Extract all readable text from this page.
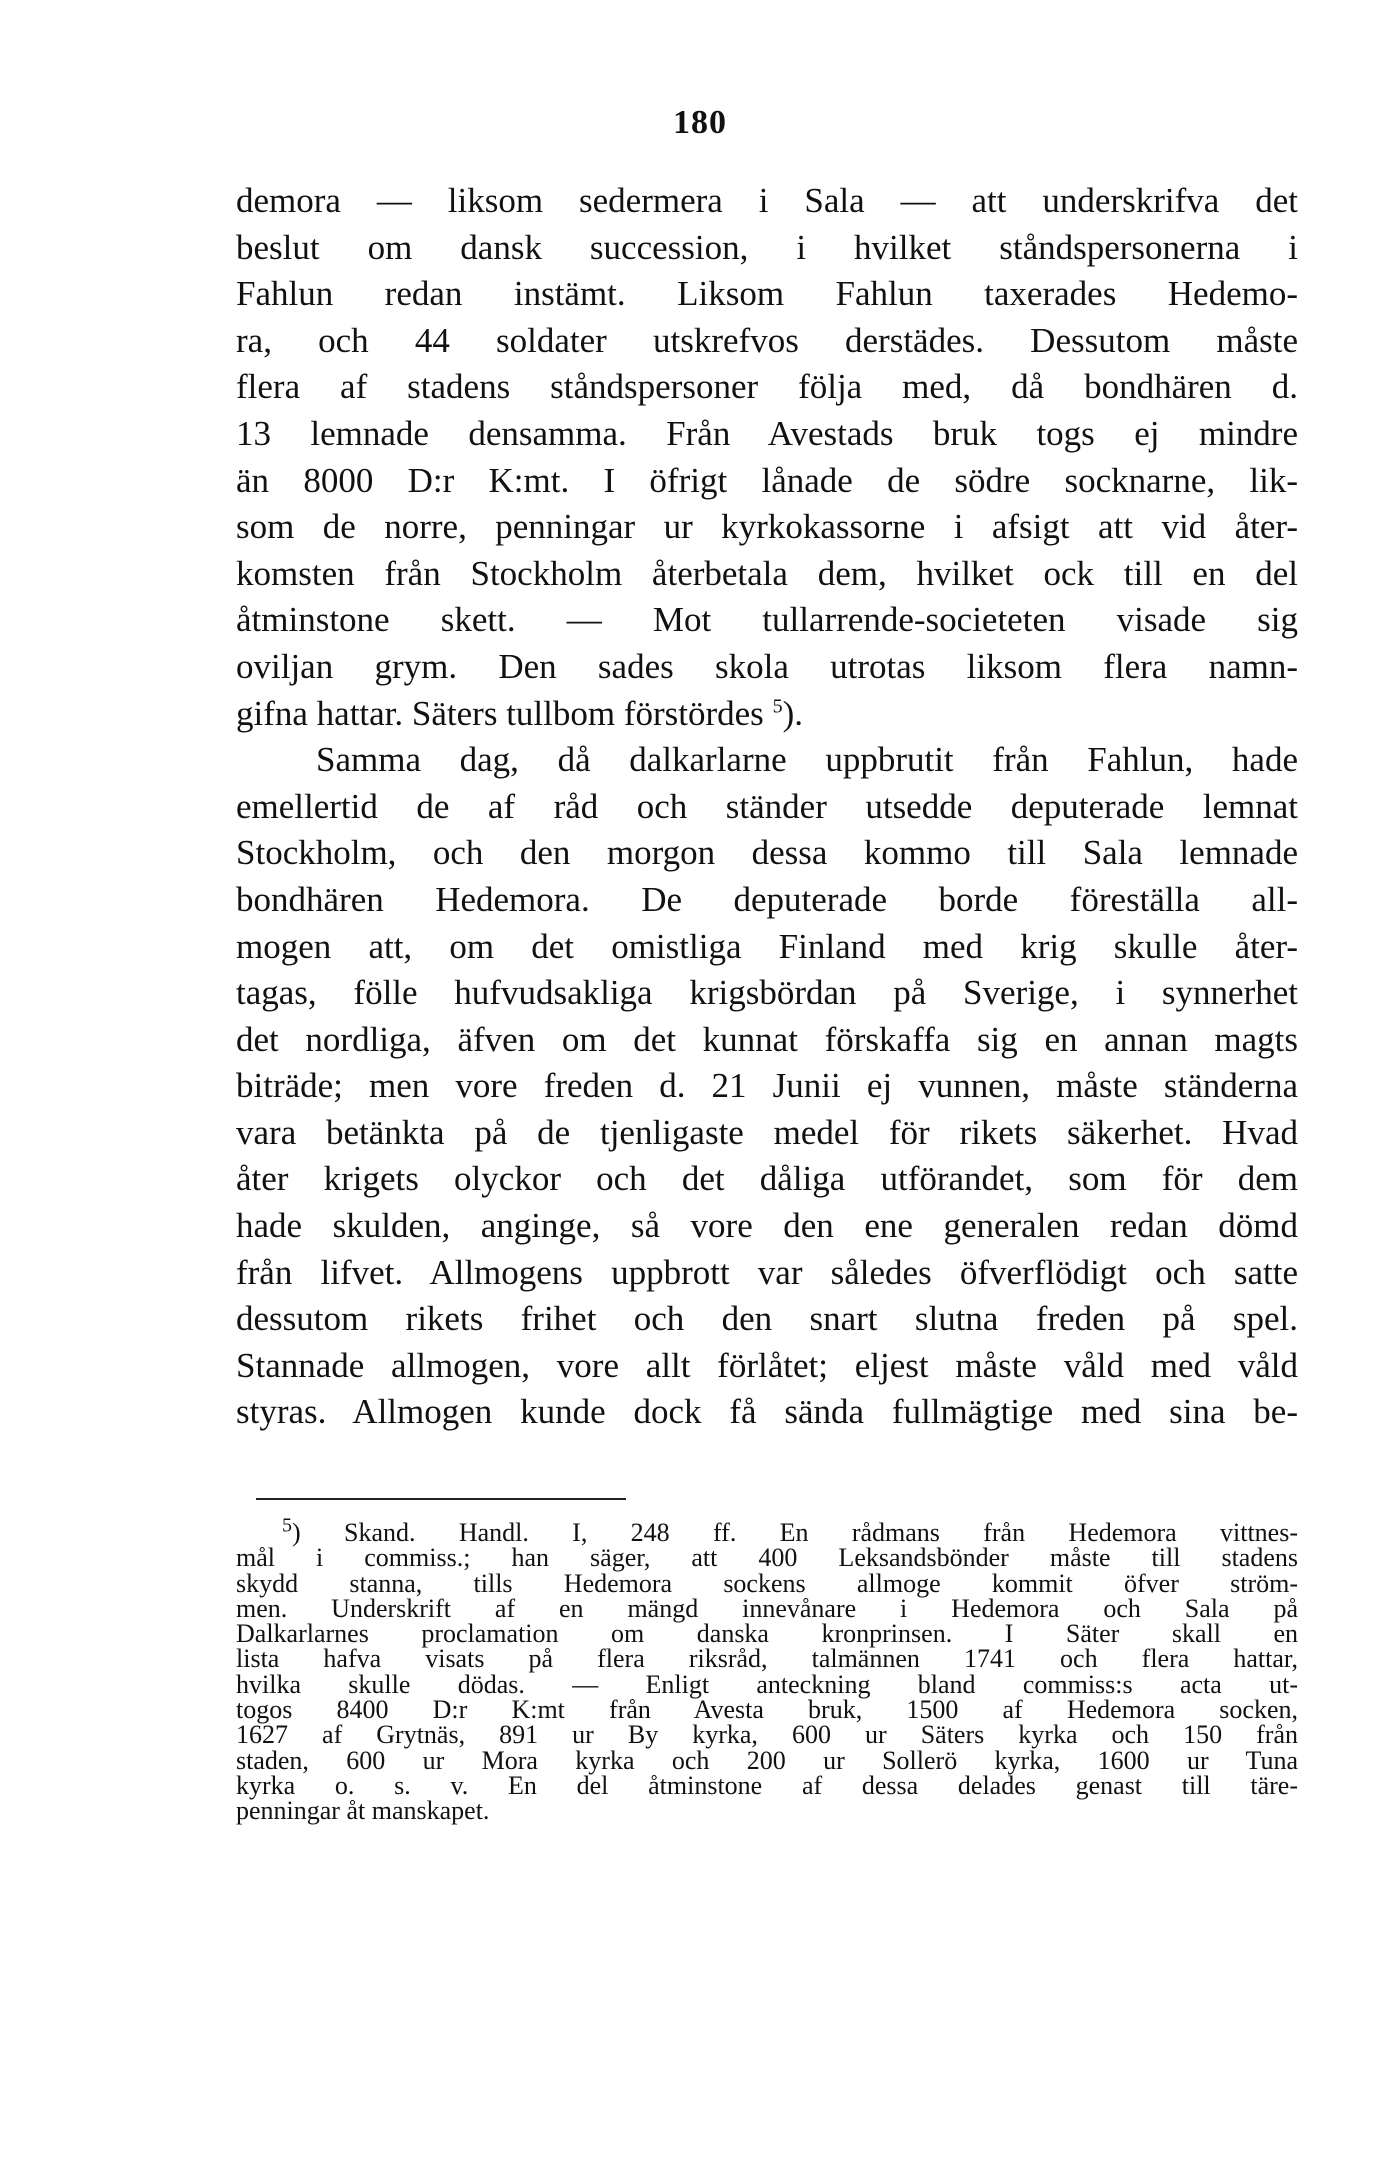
180
demora — liksom sedermera i Sala — att underskrifva det
beslut om dansk succession, i hvilket ståndspersonerna i
Fahlun redan instämt. Liksom Fahlun taxerades Hedemo-
ra, och 44 soldater utskrefvos derstädes. Dessutom måste
flera af stadens ståndspersoner följa med, då bondhären d.
13 lemnade densamma. Från Avestads bruk togs ej mindre
än 8000 D:r K:mt. I öfrigt lånade de södre socknarne, lik-
som de norre, penningar ur kyrkokassorne i afsigt att vid åter-
komsten från Stockholm återbetala dem, hvilket ock till en del
åtminstone skett. — Mot tullarrende-societeten visade sig
oviljan grym. Den sades skola utrotas liksom flera namn-
gifna hattar. Säters tullbom förstördes $^5$).
Samma dag, då dalkarlarne uppbrutit från Fahlun, hade
emellertid de af råd och ständer utsedde deputerade lemnat
Stockholm, och den morgon dessa kommo till Sala lemnade
bondhären Hedemora. De deputerade borde föreställa all-
mogen att, om det omistliga Finland med krig skulle åter-
tagas, fölle hufvudsakliga krigsbördan på Sverige, i synnerhet
det nordliga, äfven om det kunnat förskaffa sig en annan magts
biträde; men vore freden d. 21 Junii ej vunnen, måste ständerna
vara betänkta på de tjenligaste medel för rikets säkerhet. Hvad
åter krigets olyckor och det dåliga utförandet, som för dem
hade skulden, anginge, så vore den ene generalen redan dömd
från lifvet. Allmogens uppbrott var således öfverflödigt och satte
dessutom rikets frihet och den snart slutna freden på spel.
Stannade allmogen, vore allt förlåtet; eljest måste våld med våld
styras. Allmogen kunde dock få sända fullmägtige med sina be-
$^5$) Skand. Handl. I, 248 ff. En rådmans från Hedemora vittnes-
mål i commiss.; han säger, att 400 Leksandsbönder måste till stadens
skydd stanna, tills Hedemora sockens allmoge kommit öfver ström-
men. Underskrift af en mängd innevånare i Hedemora och Sala på
Dalkarlarnes proclamation om danska kronprinsen. I Säter skall en
lista hafva visats på flera riksråd, talmännen 1741 och flera hattar,
hvilka skulle dödas. — Enligt anteckning bland commiss:s acta ut-
togos 8400 D:r K:mt från Avesta bruk, 1500 af Hedemora socken,
1627 af Grytnäs, 891 ur By kyrka, 600 ur Säters kyrka och 150 från
staden, 600 ur Mora kyrka och 200 ur Sollerö kyrka, 1600 ur Tuna
kyrka o. s. v. En del åtminstone af dessa delades genast till täre-
penningar åt manskapet.
